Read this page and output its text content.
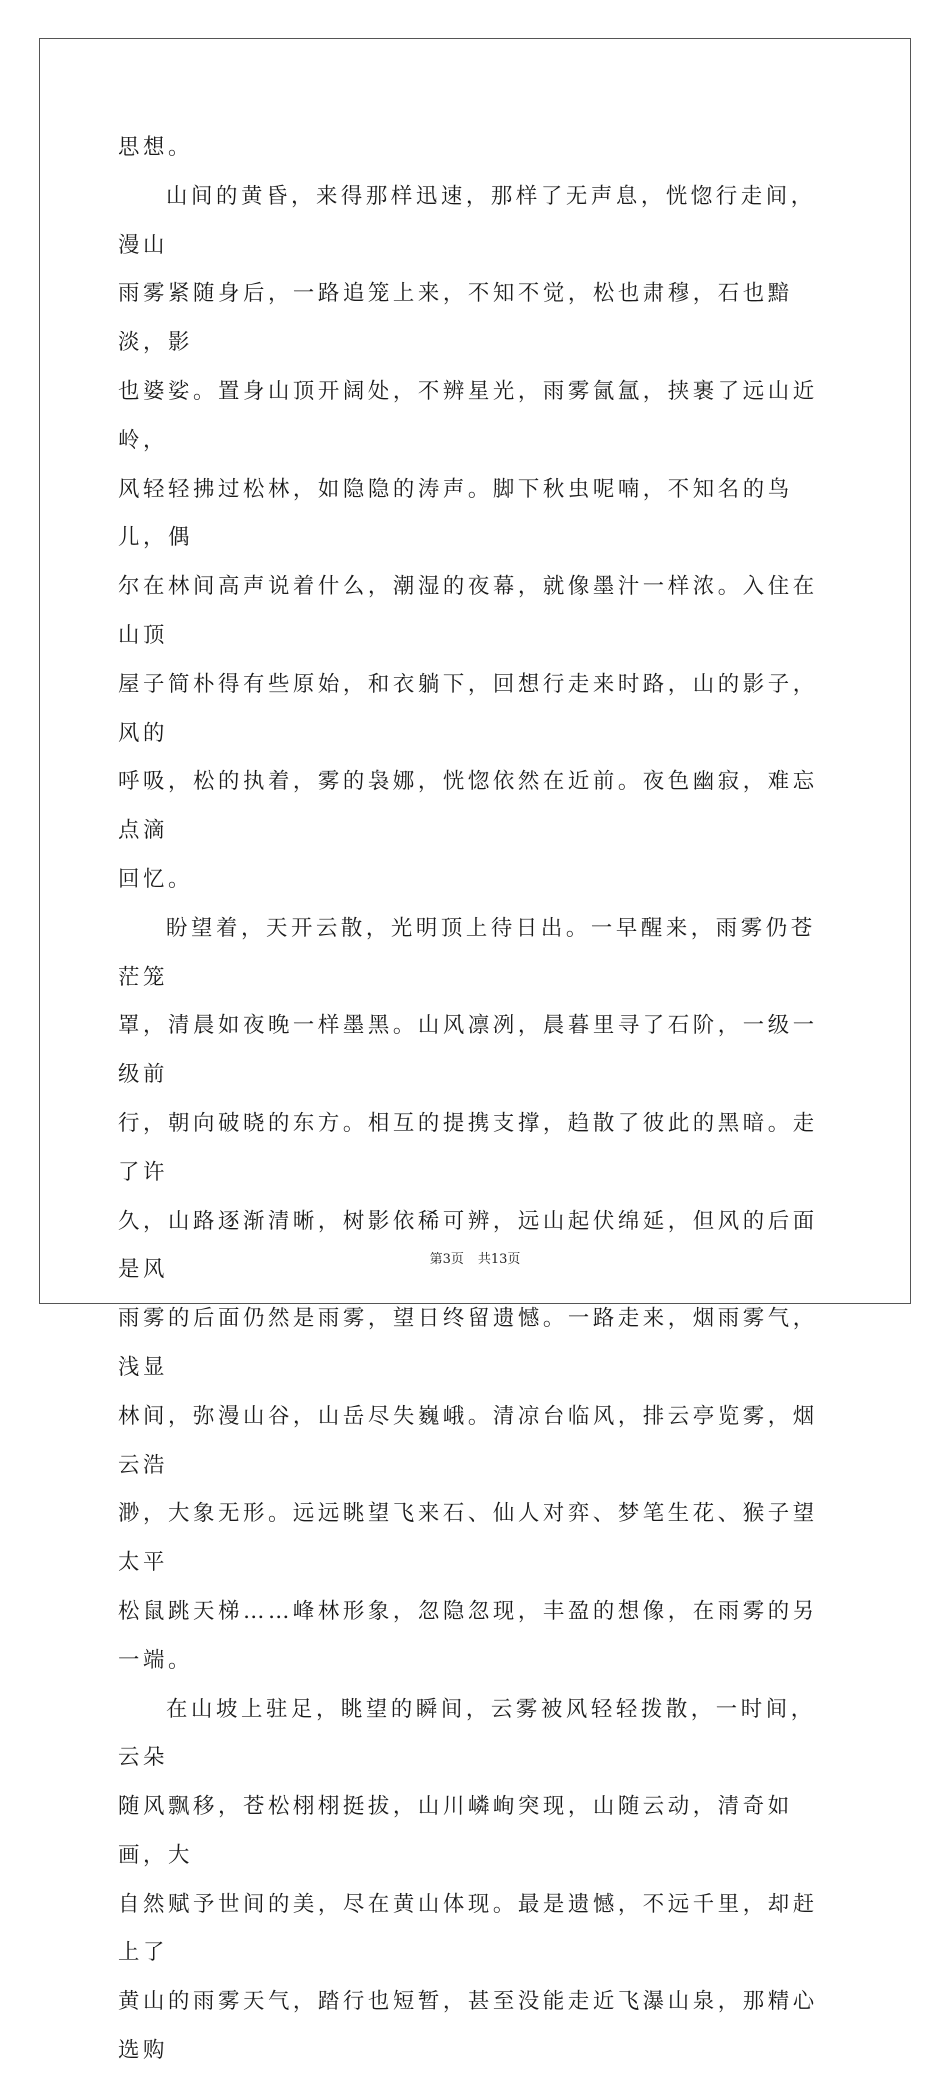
思想。

山间的黄昏，来得那样迅速，那样了无声息，恍惚行走间，漫山
雨雾紧随身后，一路追笼上来，不知不觉，松也肃穆，石也黯淡，影
也婆娑。置身山顶开阔处，不辨星光，雨雾氤氲，挟裹了远山近岭，
风轻轻拂过松林，如隐隐的涛声。脚下秋虫呢喃，不知名的鸟儿，偶
尔在林间高声说着什么，潮湿的夜幕，就像墨汁一样浓。入住在山顶
屋子简朴得有些原始，和衣躺下，回想行走来时路，山的影子，风的
呼吸，松的执着，雾的袅娜，恍惚依然在近前。夜色幽寂，难忘点滴
回忆。

盼望着，天开云散，光明顶上待日出。一早醒来，雨雾仍苍茫笼
罩，清晨如夜晚一样墨黑。山风凛冽，晨暮里寻了石阶，一级一级前
行，朝向破晓的东方。相互的提携支撑，趋散了彼此的黑暗。走了许
久，山路逐渐清晰，树影依稀可辨，远山起伏绵延，但风的后面是风
雨雾的后面仍然是雨雾，望日终留遗憾。一路走来，烟雨雾气，浅显
林间，弥漫山谷，山岳尽失巍峨。清凉台临风，排云亭览雾，烟云浩
渺，大象无形。远远眺望飞来石、仙人对弈、梦笔生花、猴子望太平
松鼠跳天梯……峰林形象，忽隐忽现，丰盈的想像，在雨雾的另一端。

在山坡上驻足，眺望的瞬间，云雾被风轻轻拨散，一时间，云朵
随风飘移，苍松栩栩挺拔，山川嶙峋突现，山随云动，清奇如画，大
自然赋予世间的美，尽在黄山体现。最是遗憾，不远千里，却赶上了
黄山的雨雾天气，踏行也短暂，甚至没能走近飞瀑山泉，那精心选购

第3页 共13页
